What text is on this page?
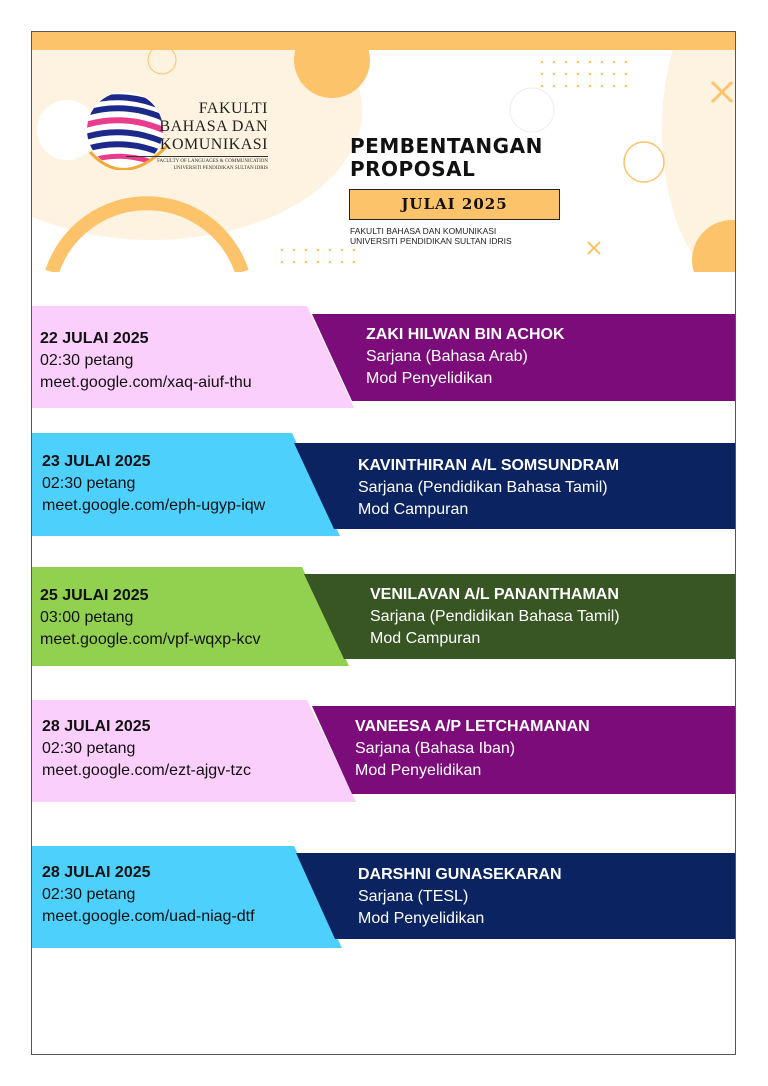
FAKULTI
BAHASA DAN
KOMUNIKASI
FACULTY OF LANGUAGES & COMMUNICATION
UNIVERSITI PENDIDIKAN SULTAN IDRIS
PEMBENTANGAN
PROPOSAL
JULAI 2025
FAKULTI BAHASA DAN KOMUNIKASI
UNIVERSITI PENDIDIKAN SULTAN IDRIS
22 JULAI 2025
02:30 petang
meet.google.com/xaq-aiuf-thu
ZAKI HILWAN BIN ACHOK
Sarjana (Bahasa Arab)
Mod Penyelidikan
23 JULAI 2025
02:30 petang
meet.google.com/eph-ugyp-iqw
KAVINTHIRAN A/L SOMSUNDRAM
Sarjana (Pendidikan Bahasa Tamil)
Mod Campuran
25 JULAI 2025
03:00 petang
meet.google.com/vpf-wqxp-kcv
VENILAVAN A/L PANANTHAMAN
Sarjana (Pendidikan Bahasa Tamil)
Mod Campuran
28 JULAI 2025
02:30 petang
meet.google.com/ezt-ajgv-tzc
VANEESA A/P LETCHAMANAN
Sarjana (Bahasa Iban)
Mod Penyelidikan
28 JULAI 2025
02:30 petang
meet.google.com/uad-niag-dtf
DARSHNI GUNASEKARAN
Sarjana (TESL)
Mod Penyelidikan
